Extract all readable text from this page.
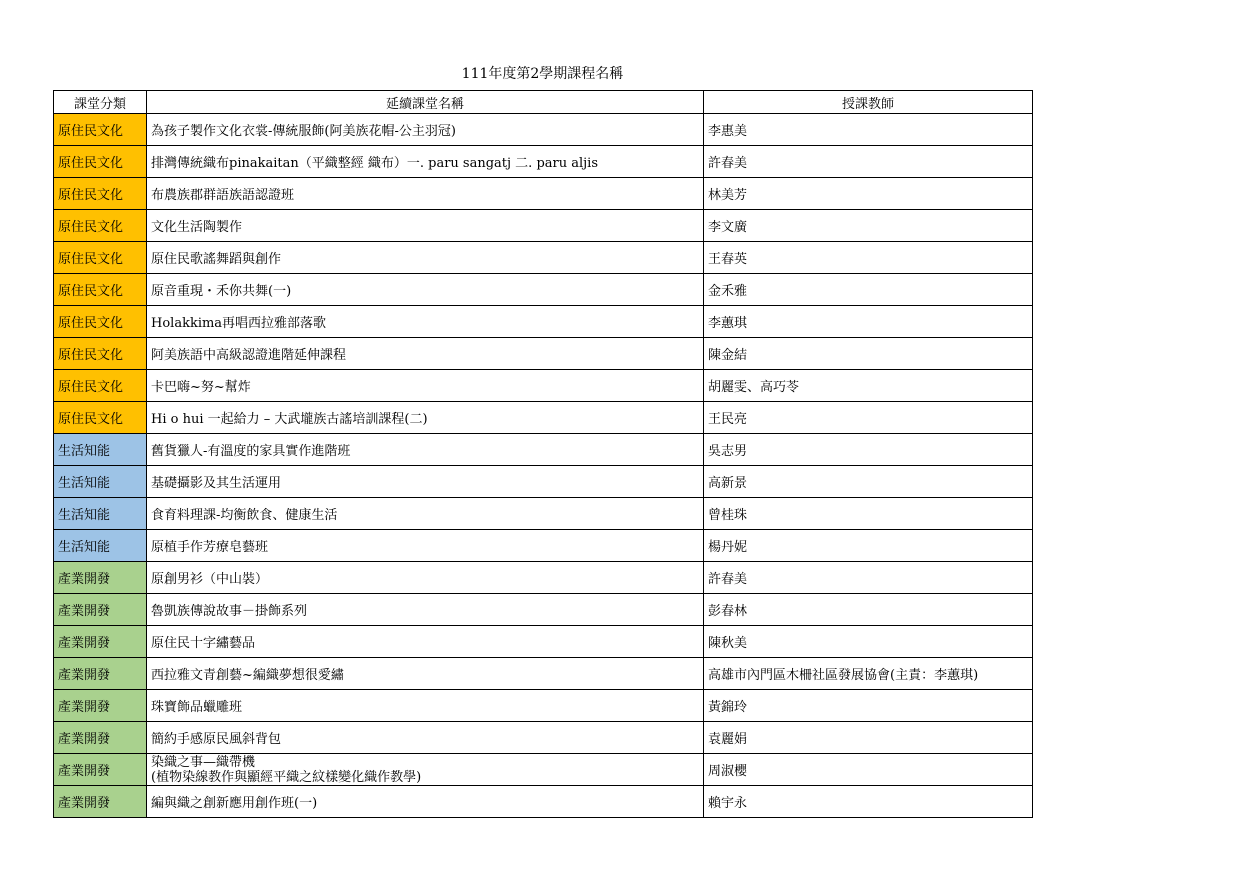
111年度第2學期課程名稱
課堂分類	延續課堂名稱	授課教師
原住民文化	為孩子製作文化衣裳-傳統服飾(阿美族花帽-公主羽冠)	李惠美
原住民文化	排灣傳統織布pinakaitan（平織整經 織布）一. paru sangatj 二. paru aljis	許春美
原住民文化	布農族郡群語族語認證班	林美芳
原住民文化	文化生活陶製作	李文廣
原住民文化	原住民歌謠舞蹈與創作	王春英
原住民文化	原音重現・禾你共舞(一)	金禾雅
原住民文化	Holakkima再唱西拉雅部落歌	李蕙琪
原住民文化	阿美族語中高級認證進階延伸課程	陳金結
原住民文化	卡巴嗨~努~幫炸	胡麗雯、高巧苓
原住民文化	Hi o hui 一起給力 – 大武壠族古謠培訓課程(二)	王民亮
生活知能	舊貨獵人-有溫度的家具實作進階班	吳志男
生活知能	基礎攝影及其生活運用	高新景
生活知能	食育料理課-均衡飲食、健康生活	曾桂珠
生活知能	原植手作芳療皂藝班	楊丹妮
產業開發	原創男衫（中山裝）	許春美
產業開發	魯凱族傳說故事－掛飾系列	彭春林
產業開發	原住民十字繡藝品	陳秋美
產業開發	西拉雅文青創藝~編織夢想很愛繡	高雄市內門區木柵社區發展協會(主責：李蕙琪)
產業開發	珠寶飾品蠟雕班	黃錦玲
產業開發	簡約手感原民風斜背包	袁麗娟
產業開發	染織之事—織帶機
(植物染線教作與顯經平織之紋樣變化織作教學)	周淑櫻
產業開發	編與織之創新應用創作班(一)	賴宇永
